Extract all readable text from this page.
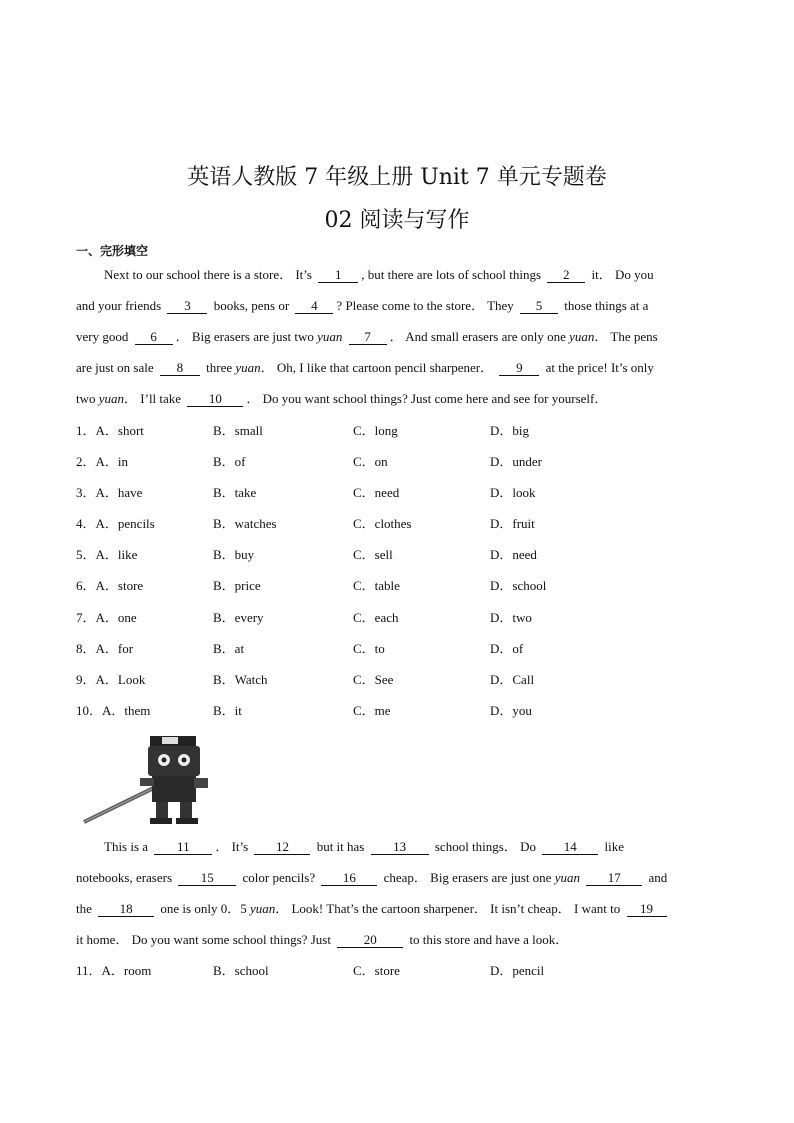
英语人教版 7 年级上册 Unit 7 单元专题卷
02 阅读与写作
一、完形填空
Next to our school there is a store． It’s 1 , but there are lots of school things 2 it． Do you
and your friends 3 books, pens or 4 ? Please come to the store． They 5 those things at a
very good 6 ． Big erasers are just two yuan 7 ． And small erasers are only one yuan． The pens
are just on sale 8 three yuan． Oh, I like that cartoon pencil sharpener． 9 at the price! It’s only
two yuan． I’ll take 10 ． Do you want school things? Just come here and see for yourself．
1．A．short	B．small	C．long	D．big
2．A．in	B．of	C．on	D．under
3．A．have	B．take	C．need	D．look
4．A．pencils	B．watches	C．clothes	D．fruit
5．A．like	B．buy	C．sell	D．need
6．A．store	B．price	C．table	D．school
7．A．one	B．every	C．each	D．two
8．A．for	B．at	C．to	D．of
9．A．Look	B．Watch	C．See	D．Call
10．A．them	B．it	C．me	D．you
This is a 11 ． It’s 12 but it has 13 school things． Do 14 like
notebooks, erasers 15 color pencils? 16 cheap． Big erasers are just one yuan 17 and
the 18 one is only 0．5 yuan． Look! That’s the cartoon sharpener． It isn’t cheap． I want to 19
it home． Do you want some school things? Just 20 to this store and have a look．
11．A．room	B．school	C．store	D．pencil
